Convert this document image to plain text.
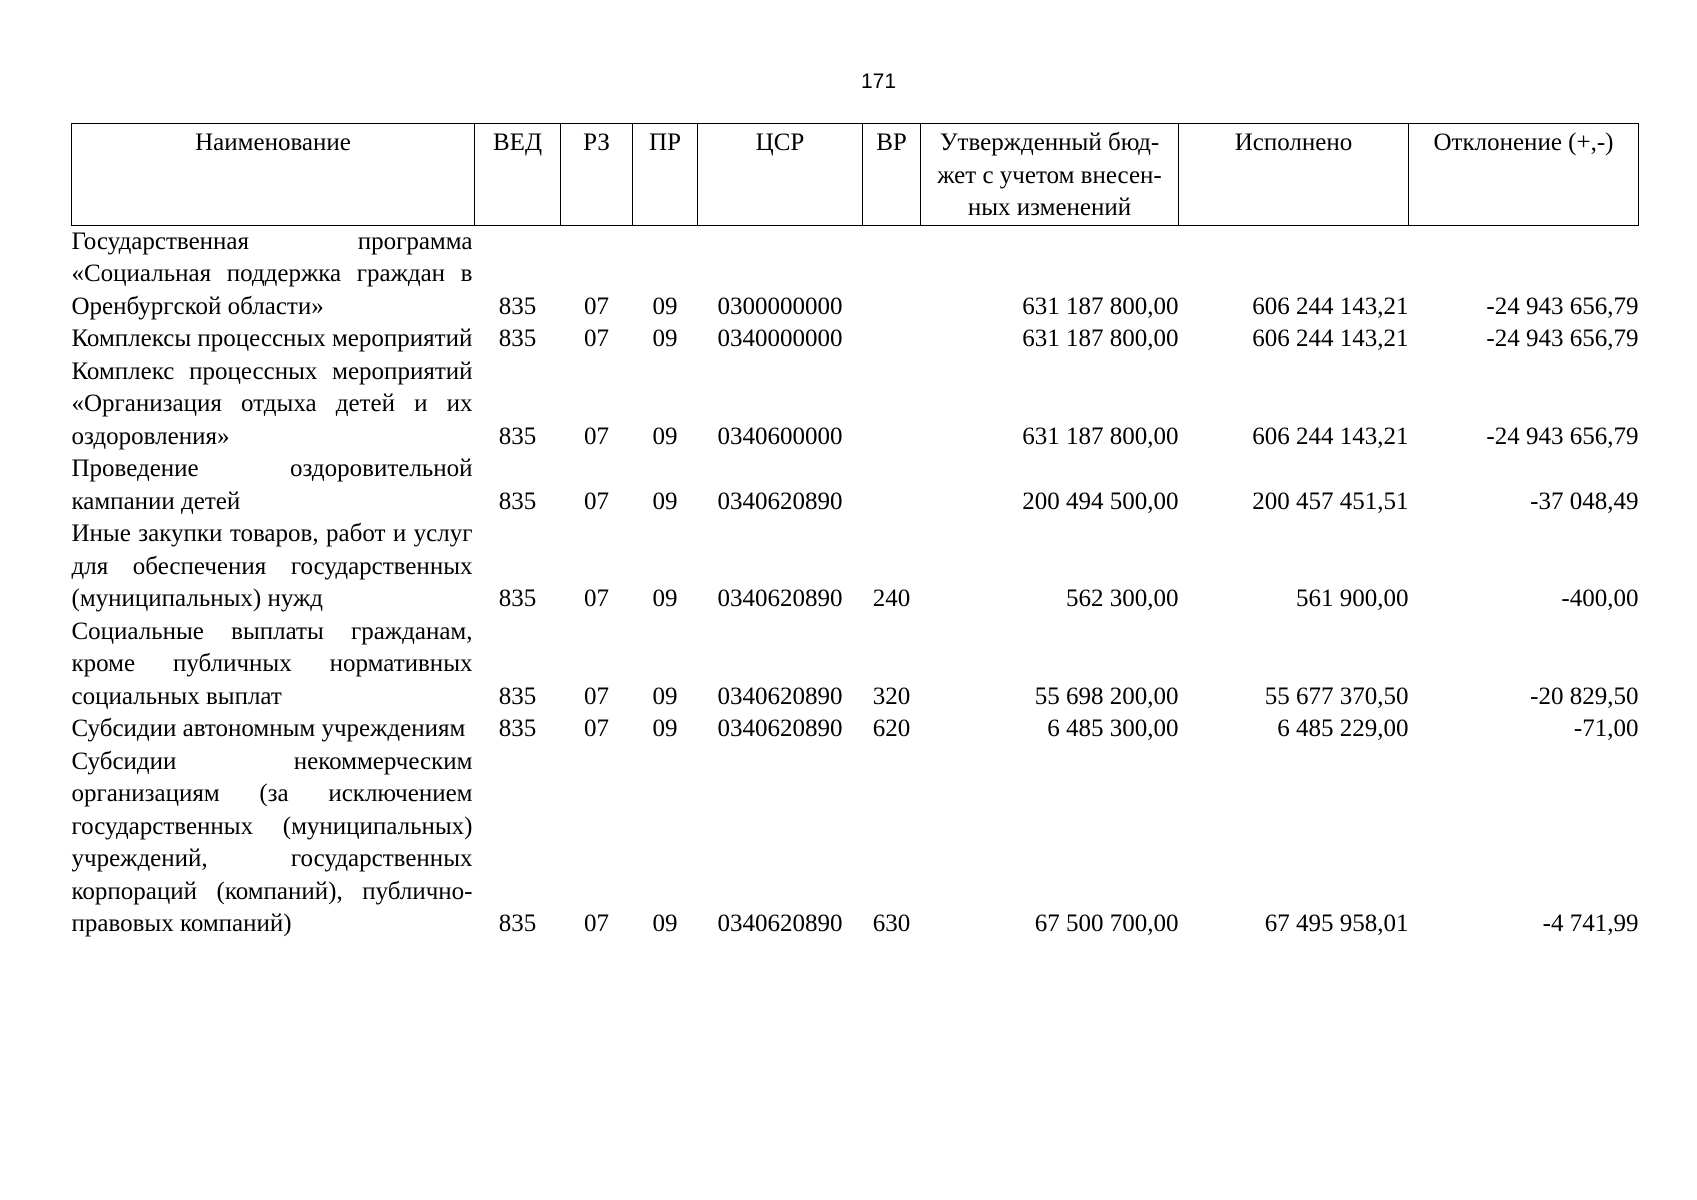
171
Наименование	ВЕД	РЗ	ПР	ЦСР	ВР	Утвержденный бюд-жет с учетом внесен-ных изменений	Исполнено	Отклонение (+,-)
Государственная программа «Социальная поддержка граждан в Оренбургской области»	835	07	09	0300000000		631 187 800,00	606 244 143,21	-24 943 656,79
Комплексы процессных мероприятий	835	07	09	0340000000		631 187 800,00	606 244 143,21	-24 943 656,79
Комплекс процессных мероприятий «Организация отдыха детей и их оздоровления»	835	07	09	0340600000		631 187 800,00	606 244 143,21	-24 943 656,79
Проведение оздоровительной кампании детей	835	07	09	0340620890		200 494 500,00	200 457 451,51	-37 048,49
Иные закупки товаров, работ и услуг для обеспечения государственных (муниципальных) нужд	835	07	09	0340620890	240	562 300,00	561 900,00	-400,00
Социальные выплаты гражданам, кроме публичных нормативных социальных выплат	835	07	09	0340620890	320	55 698 200,00	55 677 370,50	-20 829,50
Субсидии автономным учреждениям	835	07	09	0340620890	620	6 485 300,00	6 485 229,00	-71,00
Субсидии некоммерческим организациям (за исключением государственных (муниципальных) учреждений, государственных корпораций (компаний), публично-правовых компаний)	835	07	09	0340620890	630	67 500 700,00	67 495 958,01	-4 741,99
